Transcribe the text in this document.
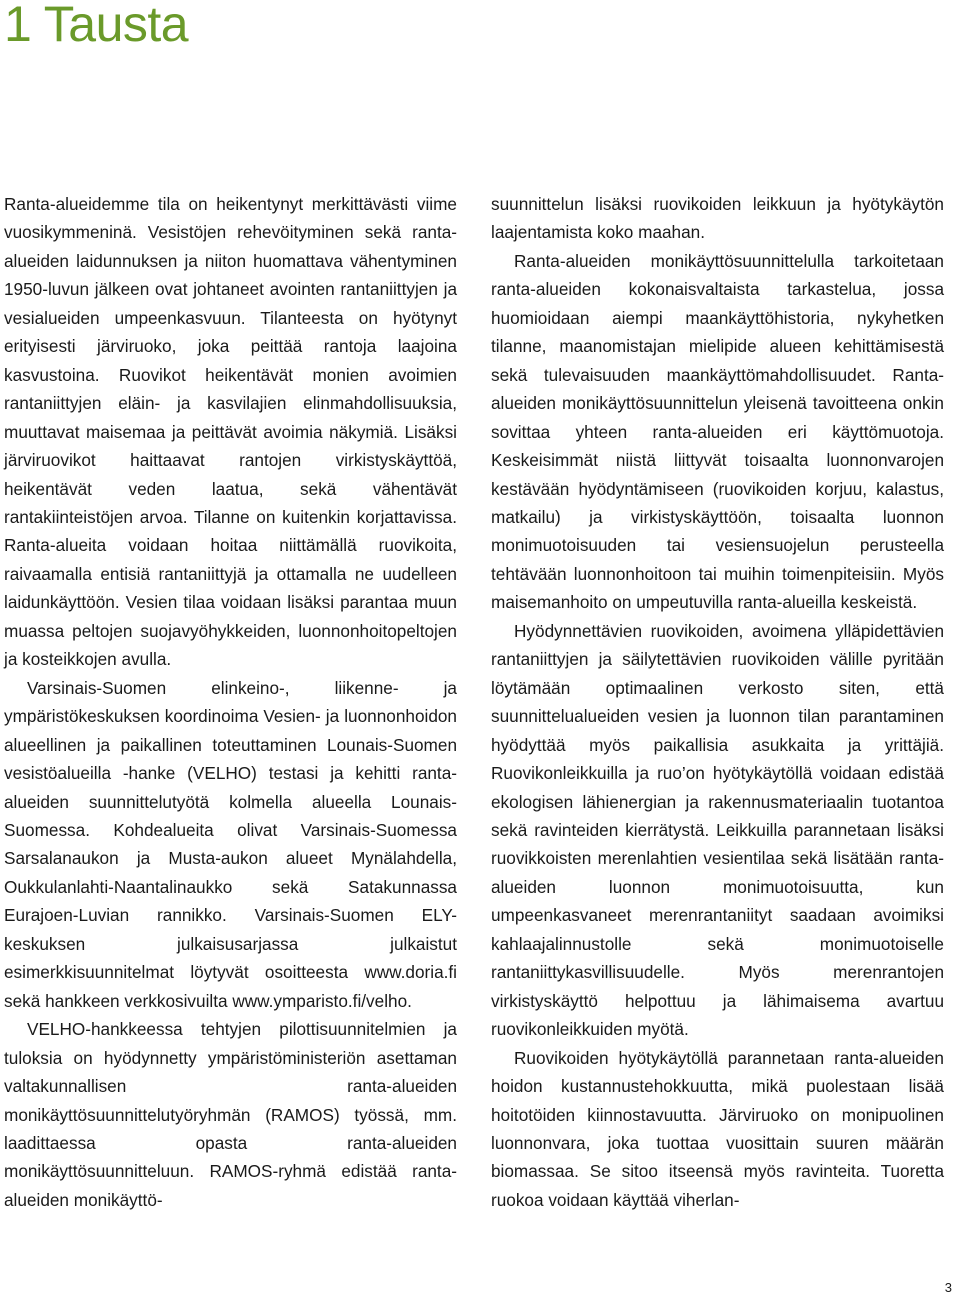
1 Tausta

Ranta-alueidemme tila on heikentynyt merkittävästi viime vuosikymmeninä. Vesistöjen rehevöityminen sekä ranta-alueiden laidunnuksen ja niiton huomattava vähentyminen 1950-luvun jälkeen ovat johtaneet avointen rantaniittyjen ja vesialueiden umpeenkasvuun. Tilanteesta on hyötynyt erityisesti järviruoko, joka peittää rantoja laajoina kasvustoina. Ruovikot heikentävät monien avoimien rantaniittyjen eläin- ja kasvilajien elinmahdollisuuksia, muuttavat maisemaa ja peittävät avoimia näkymiä. Lisäksi järviruovikot haittaavat rantojen virkistyskäyttöä, heikentävät veden laatua, sekä vähentävät rantakiinteistöjen arvoa. Tilanne on kuitenkin korjattavissa. Ranta-alueita voidaan hoitaa niittämällä ruovikoita, raivaamalla entisiä rantaniittyjä ja ottamalla ne uudelleen laidunkäyttöön. Vesien tilaa voidaan lisäksi parantaa muun muassa peltojen suojavyöhykkeiden, luonnonhoitopeltojen ja kosteikkojen avulla.

Varsinais-Suomen elinkeino-, liikenne- ja ympäristökeskuksen koordinoima Vesien- ja luonnonhoidon alueellinen ja paikallinen toteuttaminen Lounais-Suomen vesistöalueilla -hanke (VELHO) testasi ja kehitti ranta-alueiden suunnittelutyötä kolmella alueella Lounais-Suomessa. Kohdealueita olivat Varsinais-Suomessa Sarsalanaukon ja Musta-aukon alueet Mynälahdella, Oukkulanlahti-Naantalinaukko sekä Satakunnassa Eurajoen-Luvian rannikko. Varsinais-Suomen ELY-keskuksen julkaisusarjassa julkaistut esimerkkisuunnitelmat löytyvät osoitteesta www.doria.fi sekä hankkeen verkkosivuilta www.ymparisto.fi/velho.

VELHO-hankkeessa tehtyjen pilottisuunnitelmien ja tuloksia on hyödynnetty ympäristöministeriön asettaman valtakunnallisen ranta-alueiden monikäyttösuunnittelutyöryhmän (RAMOS) työssä, mm. laadittaessa opasta ranta-alueiden monikäyttösuunnitteluun. RAMOS-ryhmä edistää ranta-alueiden monikäyttö-

suunnittelun lisäksi ruovikoiden leikkuun ja hyötykäytön laajentamista koko maahan.

Ranta-alueiden monikäyttösuunnittelulla tarkoitetaan ranta-alueiden kokonaisvaltaista tarkastelua, jossa huomioidaan aiempi maankäyttöhistoria, nykyhetken tilanne, maanomistajan mielipide alueen kehittämisestä sekä tulevaisuuden maankäyttömahdollisuudet. Ranta-alueiden monikäyttösuunnittelun yleisenä tavoitteena onkin sovittaa yhteen ranta-alueiden eri käyttömuotoja. Keskeisimmät niistä liittyvät toisaalta luonnonvarojen kestävään hyödyntämiseen (ruovikoiden korjuu, kalastus, matkailu) ja virkistyskäyttöön, toisaalta luonnon monimuotoisuuden tai vesiensuojelun perusteella tehtävään luonnonhoitoon tai muihin toimenpiteisiin. Myös maisemanhoito on umpeutuvilla ranta-alueilla keskeistä.

Hyödynnettävien ruovikoiden, avoimena ylläpidettävien rantaniittyjen ja säilytettävien ruovikoiden välille pyritään löytämään optimaalinen verkosto siten, että suunnittelualueiden vesien ja luonnon tilan parantaminen hyödyttää myös paikallisia asukkaita ja yrittäjiä. Ruovikonleikkuilla ja ruo’on hyötykäytöllä voidaan edistää ekologisen lähienergian ja rakennusmateriaalin tuotantoa sekä ravinteiden kierrätystä. Leikkuilla parannetaan lisäksi ruovikkoisten merenlahtien vesientilaa sekä lisätään ranta-alueiden luonnon monimuotoisuutta, kun umpeenkasvaneet merenrantaniityt saadaan avoimiksi kahlaajalinnustolle sekä monimuotoiselle rantaniittykasvillisuudelle. Myös merenrantojen virkistyskäyttö helpottuu ja lähimaisema avartuu ruovikonleikkuiden myötä.

Ruovikoiden hyötykäytöllä parannetaan ranta-alueiden hoidon kustannustehokkuutta, mikä puolestaan lisää hoitotöiden kiinnostavuutta. Järviruoko on monipuolinen luonnonvara, joka tuottaa vuosittain suuren määrän biomassaa. Se sitoo itseensä myös ravinteita. Tuoretta ruokoa voidaan käyttää viherlan-

3
